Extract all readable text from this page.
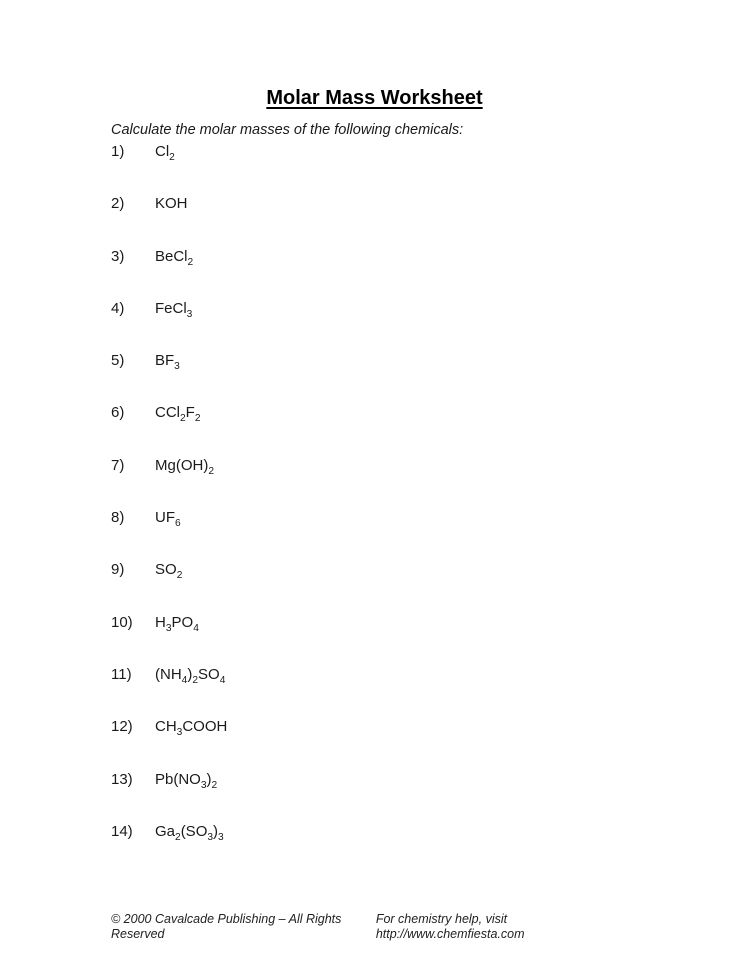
Molar Mass Worksheet

Calculate the molar masses of the following chemicals:

1) $Cl_2$
2) KOH
3) BeCl$_2$
4) FeCl$_3$
5) $BF_3$
6) $CCl_2F_2$
7) $Mg(OH)_2$
8) $UF_6$
9) $SO_2$
10) $H_3PO_4$
11) $(NH_4)_2SO_4$
12) $CH_3COOH$
13) $Pb(NO_3)_2$
14) $Ga_2(SO_3)_3$
© 2000 Cavalcade Publishing – All Rights Reserved
For chemistry help, visit http://www.chemfiesta.com
